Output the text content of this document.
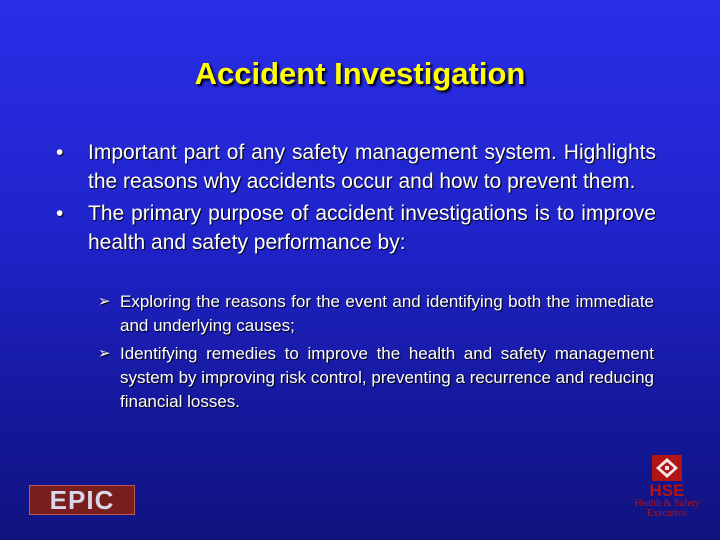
Accident Investigation
• Important part of any safety management system. Highlights the reasons why accidents occur and how to prevent them.
• The primary purpose of accident investigations is to improve health and safety performance by:
➢ Exploring the reasons for the event and identifying both the immediate and underlying causes;
➢ Identifying remedies to improve the health and safety management system by improving risk control, preventing a recurrence and reducing financial losses.
EPIC	HSE
Health & Safety
Executive
